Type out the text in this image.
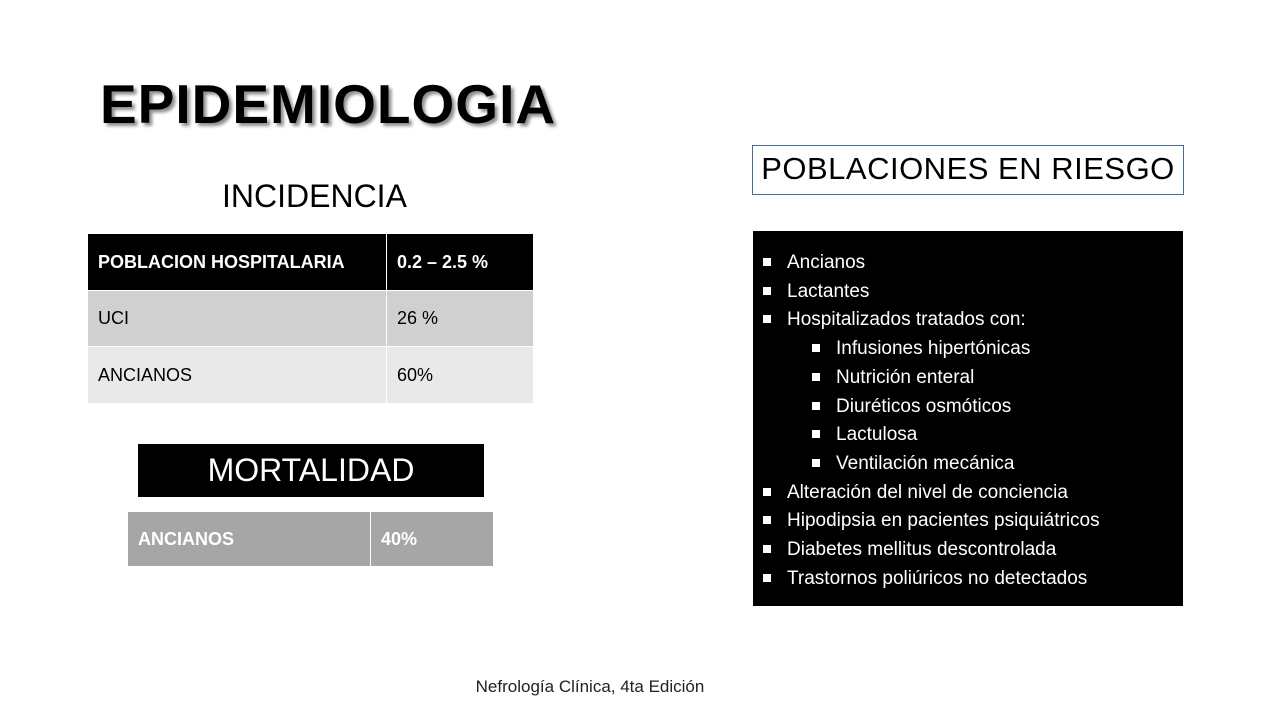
EPIDEMIOLOGIA
INCIDENCIA
POBLACION HOSPITALARIA	0.2 – 2.5 %
UCI	26 %
ANCIANOS	60%
MORTALIDAD
ANCIANOS	40%
POBLACIONES EN RIESGO
Ancianos
Lactantes
Hospitalizados tratados con:
Infusiones hipertónicas
Nutrición enteral
Diuréticos osmóticos
Lactulosa
Ventilación mecánica
Alteración del nivel de conciencia
Hipodipsia en pacientes psiquiátricos
Diabetes mellitus descontrolada
Trastornos poliúricos no detectados
Nefrología Clínica, 4ta Edición
